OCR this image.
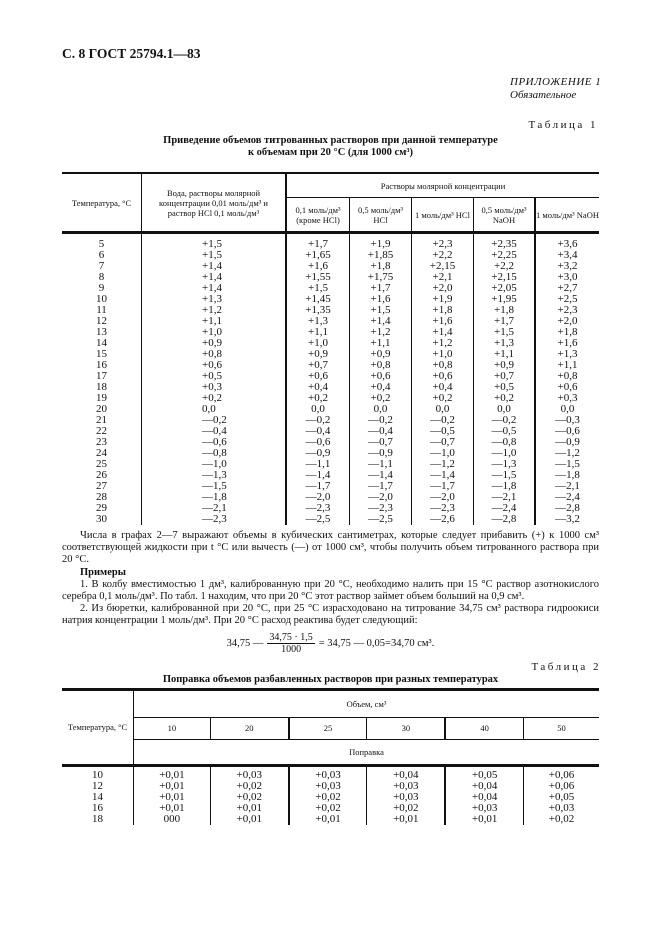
С. 8 ГОСТ 25794.1—83
ПРИЛОЖЕНИЕ 1
Обязательное
Таблица 1
Приведение объемов титрованных растворов при данной температуре
к объемам при 20 °С (для 1000 см³)
Температура, °С	Вода, растворы молярной концентрации 0,01 моль/дм³ и раствор HCl 0,1 моль/дм³	Растворы молярной концентрации				
		0,1 моль/дм³ (кроме HCl)	0,5 моль/дм³ HCl	1 моль/дм³ HCl	0,5 моль/дм³ NaOH	1 моль/дм³ NaOH
5	+1,5	+1,7	+1,9	+2,3	+2,35	+3,6
6	+1,5	+1,65	+1,85	+2,2	+2,25	+3,4
7	+1,4	+1,6	+1,8	+2,15	+2,2	+3,2
8	+1,4	+1,55	+1,75	+2,1	+2,15	+3,0
9	+1,4	+1,5	+1,7	+2,0	+2,05	+2,7
10	+1,3	+1,45	+1,6	+1,9	+1,95	+2,5
11	+1,2	+1,35	+1,5	+1,8	+1,8	+2,3
12	+1,1	+1,3	+1,4	+1,6	+1,7	+2,0
13	+1,0	+1,1	+1,2	+1,4	+1,5	+1,8
14	+0,9	+1,0	+1,1	+1,2	+1,3	+1,6
15	+0,8	+0,9	+0,9	+1,0	+1,1	+1,3
16	+0,6	+0,7	+0,8	+0,8	+0,9	+1,1
17	+0,5	+0,6	+0,6	+0,6	+0,7	+0,8
18	+0,3	+0,4	+0,4	+0,4	+0,5	+0,6
19	+0,2	+0,2	+0,2	+0,2	+0,2	+0,3
20	0,0	0,0	0,0	0,0	0,0	0,0
21	—0,2	—0,2	—0,2	—0,2	—0,2	—0,3
22	—0,4	—0,4	—0,4	—0,5	—0,5	—0,6
23	—0,6	—0,6	—0,7	—0,7	—0,8	—0,9
24	—0,8	—0,9	—0,9	—1,0	—1,0	—1,2
25	—1,0	—1,1	—1,1	—1,2	—1,3	—1,5
26	—1,3	—1,4	—1,4	—1,4	—1,5	—1,8
27	—1,5	—1,7	—1,7	—1,7	—1,8	—2,1
28	—1,8	—2,0	—2,0	—2,0	—2,1	—2,4
29	—2,1	—2,3	—2,3	—2,3	—2,4	—2,8
30	—2,3	—2,5	—2,5	—2,6	—2,8	—3,2

Числа в графах 2—7 выражают объемы в кубических сантиметрах, которые следует прибавить (+) к 1000 см³ соответствующей жидкости при t °С или вычесть (—) от 1000 см³, чтобы получить объем титрованного раствора при 20 °С.

Примеры

1. В колбу вместимостью 1 дм³, калиброванную при 20 °С, необходимо налить при 15 °С раствор азотнокислого серебра 0,1 моль/дм³. По табл. 1 находим, что при 20 °С этот раствор займет объем больший на 0,9 см³.

2. Из бюретки, калиброванной при 20 °С, при 25 °С израсходовано на титрование 34,75 см³ раствора гидроокиси натрия концентрации 1 моль/дм³. При 20 °С расход реактива будет следующий:

34,75 — $\frac{34,75 \cdot 1,5}{1000} = 34,75$ — 0,05=34,70 см³.
Таблица 2
Поправка объемов разбавленных растворов при разных температурах
Температура, °С	Объем, см³					
	10	20	25	30	40	50
	Поправка					
10	+0,01	+0,03	+0,03	+0,04	+0,05	+0,06
12	+0,01	+0,02	+0,03	+0,03	+0,04	+0,06
14	+0,01	+0,02	+0,02	+0,03	+0,04	+0,05
16	+0,01	+0,01	+0,02	+0,02	+0,03	+0,03
18	000	+0,01	+0,01	+0,01	+0,01	+0,02
